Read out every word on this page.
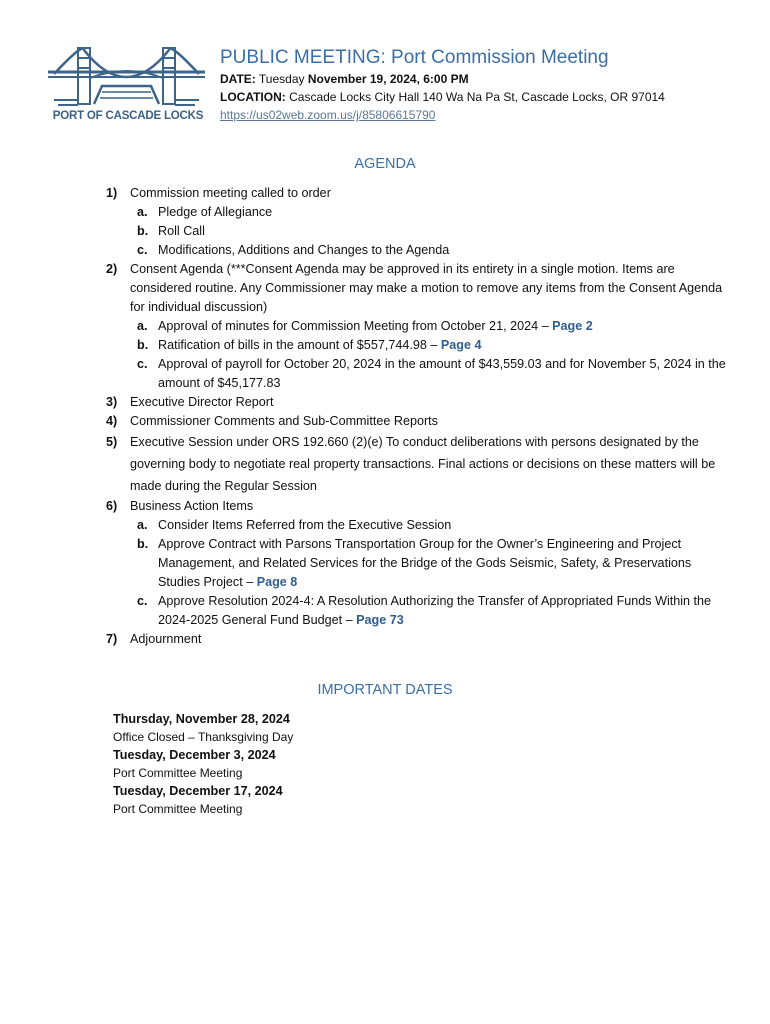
PORT OF CASCADE LOCKS
PUBLIC MEETING: Port Commission Meeting
DATE: Tuesday November 19, 2024, 6:00 PM
LOCATION: Cascade Locks City Hall 140 Wa Na Pa St, Cascade Locks, OR 97014
https://us02web.zoom.us/j/85806615790
AGENDA
1)	Commission meeting called to order
a. Pledge of Allegiance
b. Roll Call
c. Modifications, Additions and Changes to the Agenda
2)	Consent Agenda (***Consent Agenda may be approved in its entirety in a single motion. Items are considered routine. Any Commissioner may make a motion to remove any items from the Consent Agenda for individual discussion)
a. Approval of minutes for Commission Meeting from October 21, 2024 – Page 2
b. Ratification of bills in the amount of $557,744.98 – Page 4
c. Approval of payroll for October 20, 2024 in the amount of $43,559.03 and for November 5, 2024 in the amount of $45,177.83
3)	Executive Director Report
4)	Commissioner Comments and Sub-Committee Reports
5)	Executive Session under ORS 192.660 (2)(e) To conduct deliberations with persons designated by the governing body to negotiate real property transactions. Final actions or decisions on these matters will be made during the Regular Session
6)	Business Action Items
a. Consider Items Referred from the Executive Session
b. Approve Contract with Parsons Transportation Group for the Owner’s Engineering and Project Management, and Related Services for the Bridge of the Gods Seismic, Safety, & Preservations Studies Project – Page 8
c. Approve Resolution 2024-4: A Resolution Authorizing the Transfer of Appropriated Funds Within the 2024-2025 General Fund Budget – Page 73
7)	Adjournment
IMPORTANT DATES
Thursday, November 28, 2024
Office Closed – Thanksgiving Day
Tuesday, December 3, 2024
Port Committee Meeting
Tuesday, December 17, 2024
Port Committee Meeting
